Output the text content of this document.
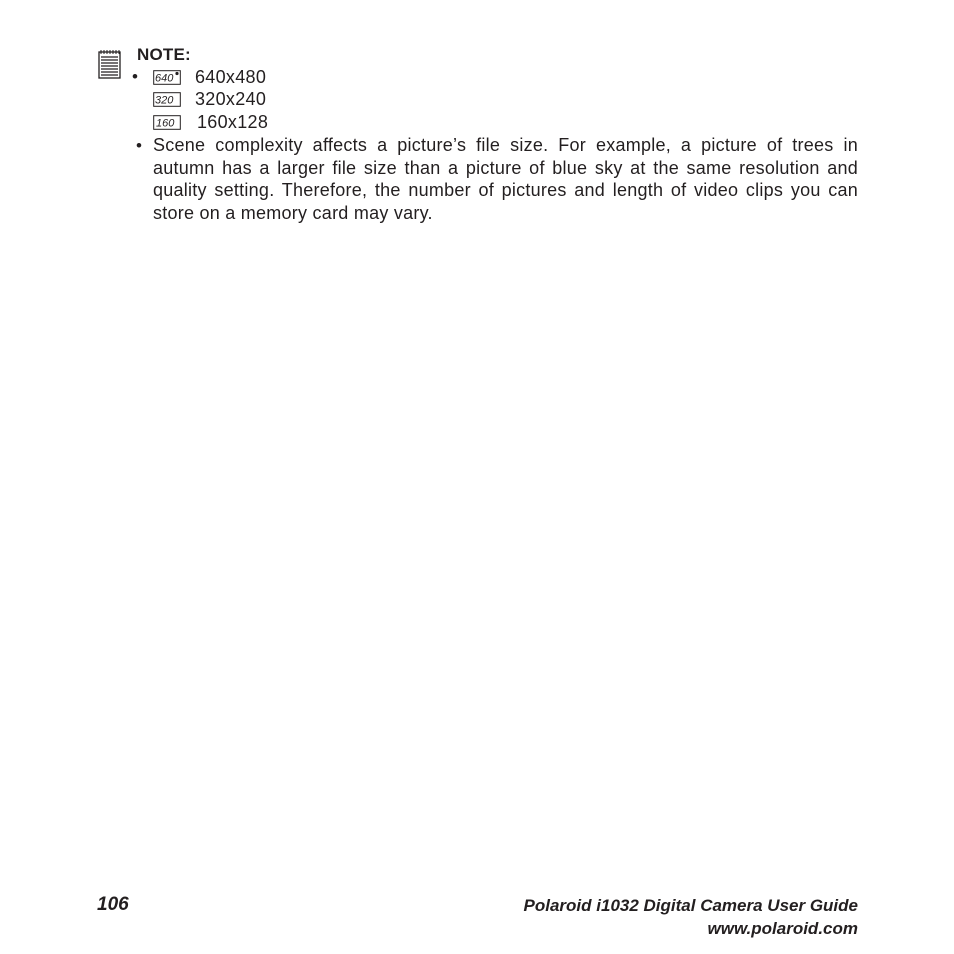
NOTE:
• 640 640x480
320 320x240
160 160x128
• Scene complexity affects a picture’s file size. For example, a picture of trees in autumn has a larger file size than a picture of blue sky at the same resolution and quality setting. Therefore, the number of pictures and length of video clips you can store on a memory card may vary.
106	Polaroid i1032 Digital Camera User Guide
www.polaroid.com
